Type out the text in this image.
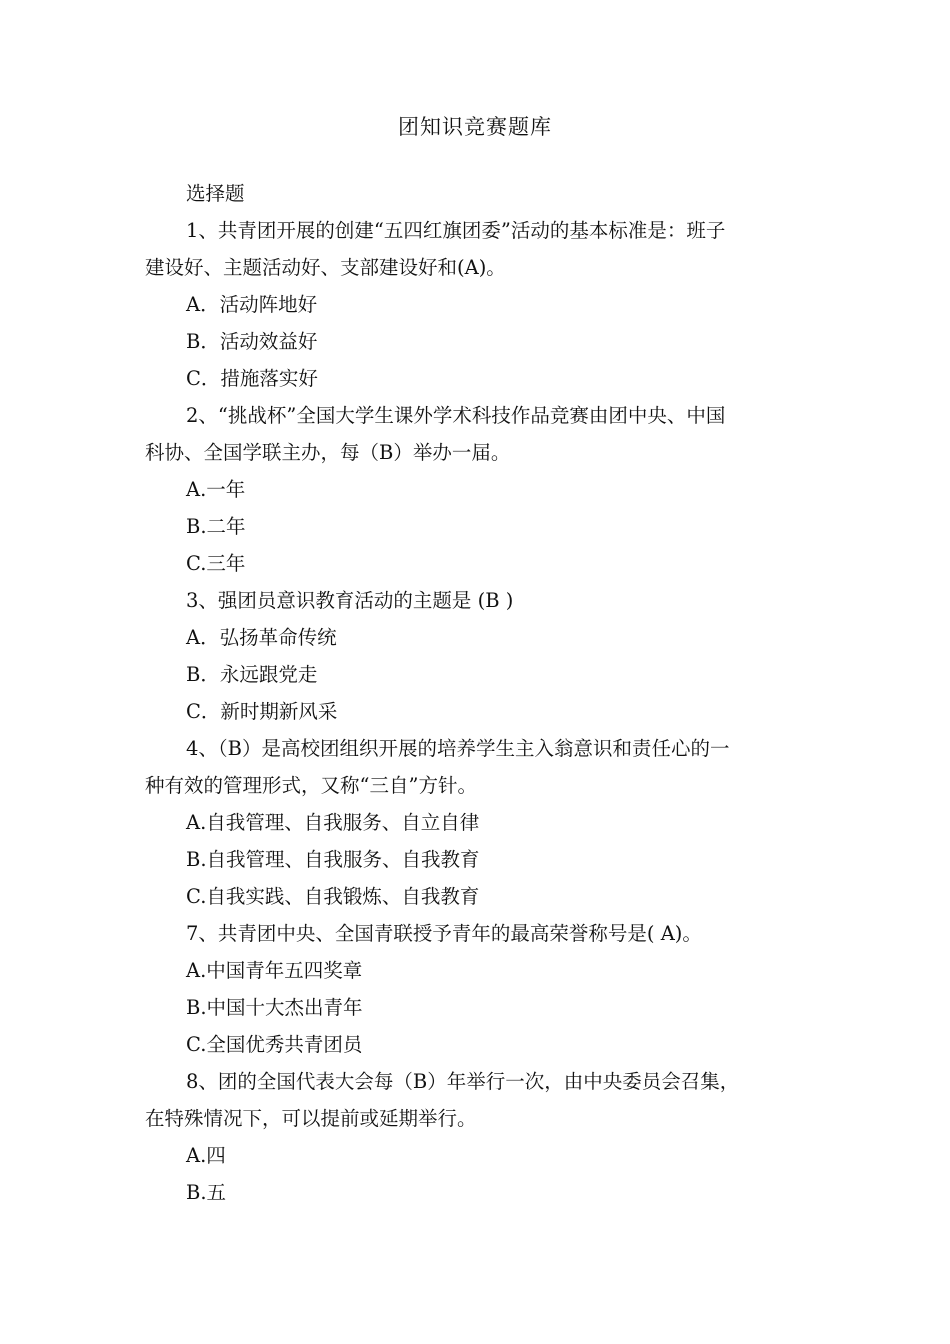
团知识竞赛题库
选择题
1、共青团开展的创建“五四红旗团委”活动的基本标准是：班子
建设好、主题活动好、支部建设好和(A)。
A．活动阵地好
B．活动效益好
C．措施落实好
2、“挑战杯”全国大学生课外学术科技作品竞赛由团中央、中国
科协、全国学联主办，每（B）举办一届。
A.一年
B.二年
C.三年
3、强团员意识教育活动的主题是 (B )
A．弘扬革命传统
B．永远跟党走
C．新时期新风采
4、（B）是高校团组织开展的培养学生主入翁意识和责任心的一
种有效的管理形式，又称“三自”方针。
A.自我管理、自我服务、自立自律
B.自我管理、自我服务、自我教育
C.自我实践、自我锻炼、自我教育
7、共青团中央、全国青联授予青年的最高荣誉称号是( A)。
A.中国青年五四奖章
B.中国十大杰出青年
C.全国优秀共青团员
8、团的全国代表大会每（B）年举行一次，由中央委员会召集，
在特殊情况下，可以提前或延期举行。
A.四
B.五
